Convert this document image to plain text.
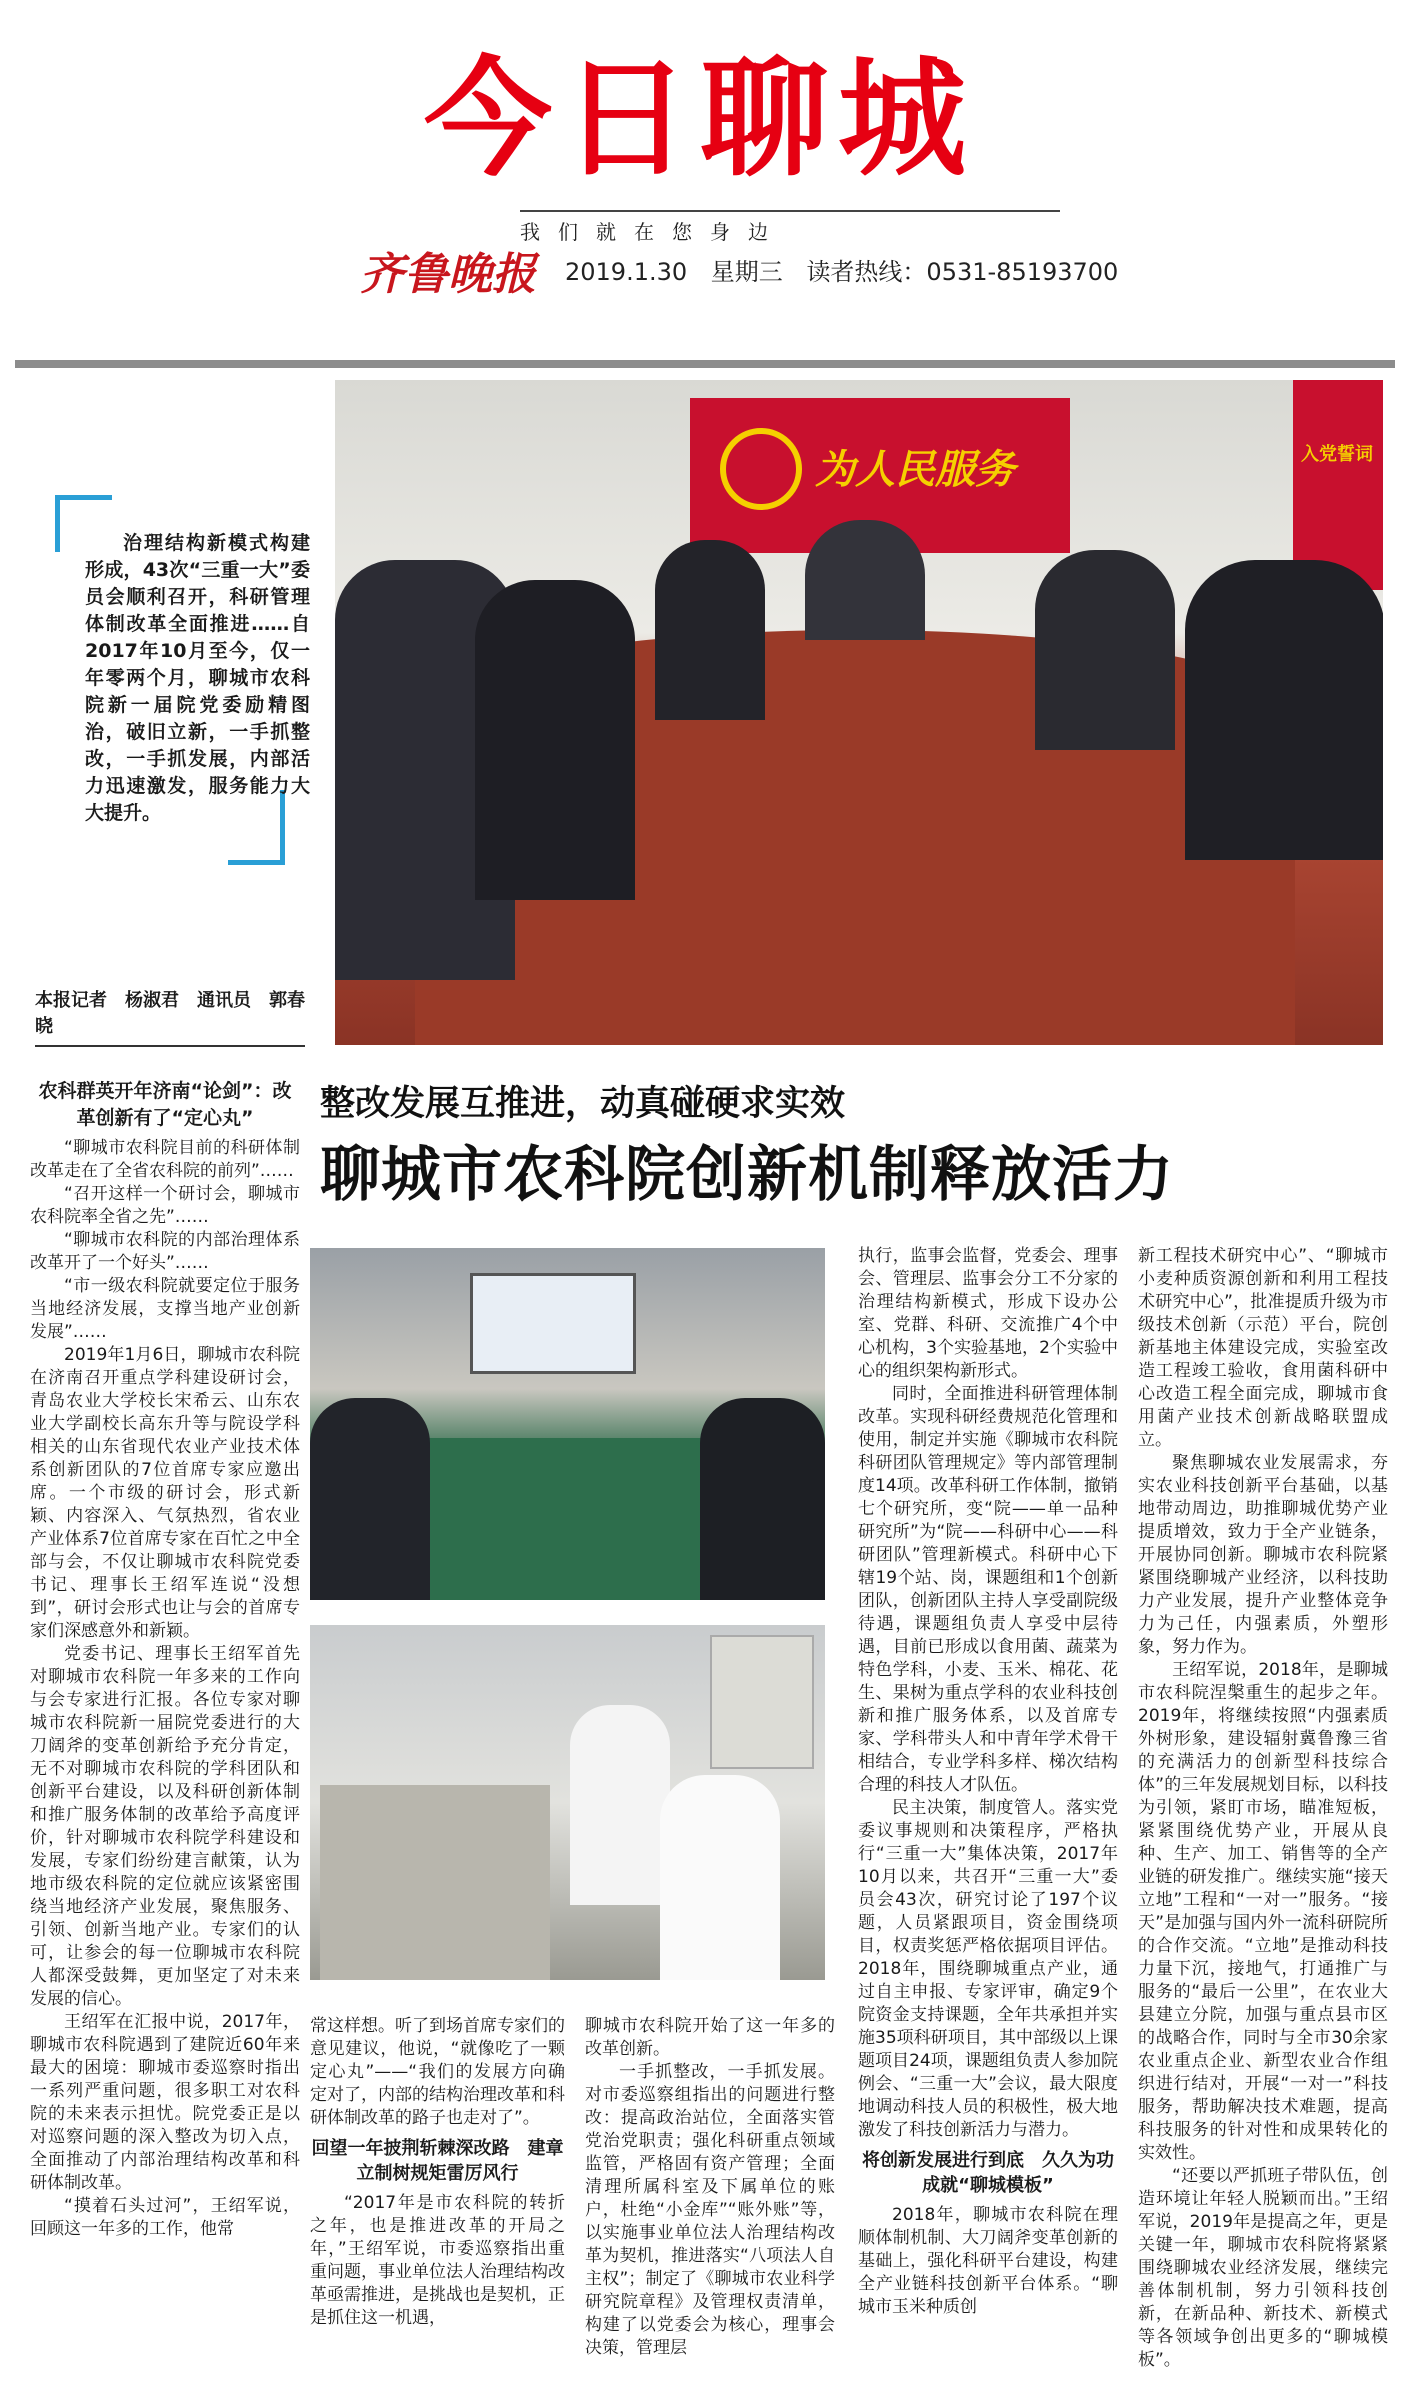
今日聊城
我们就在您身边
齐鲁晚报	2019.1.30 星期三 读者热线：0531-85193700
为人民服务	入党誓词
治理结构新模式构建形成，43次“三重一大”委员会顺利召开，科研管理体制改革全面推进……自2017年10月至今，仅一年零两个月，聊城市农科院新一届院党委励精图治，破旧立新，一手抓整改，一手抓发展，内部活力迅速激发，服务能力大大提升。
本报记者　杨淑君　通讯员　郭春晓
整改发展互推进，动真碰硬求实效
聊城市农科院创新机制释放活力
农科群英开年济南“论剑”：改革创新有了“定心丸”

“聊城市农科院目前的科研体制改革走在了全省农科院的前列”……

“召开这样一个研讨会，聊城市农科院率全省之先”……

“聊城市农科院的内部治理体系改革开了一个好头”……

“市一级农科院就要定位于服务当地经济发展，支撑当地产业创新发展”……

2019年1月6日，聊城市农科院在济南召开重点学科建设研讨会，青岛农业大学校长宋希云、山东农业大学副校长高东升等与院设学科相关的山东省现代农业产业技术体系创新团队的7位首席专家应邀出席。一个市级的研讨会，形式新颖、内容深入、气氛热烈，省农业产业体系7位首席专家在百忙之中全部与会，不仅让聊城市农科院党委书记、理事长王绍军连说“没想到”，研讨会形式也让与会的首席专家们深感意外和新颖。

党委书记、理事长王绍军首先对聊城市农科院一年多来的工作向与会专家进行汇报。各位专家对聊城市农科院新一届院党委进行的大刀阔斧的变革创新给予充分肯定，无不对聊城市农科院的学科团队和创新平台建设，以及科研创新体制和推广服务体制的改革给予高度评价，针对聊城市农科院学科建设和发展，专家们纷纷建言献策，认为地市级农科院的定位就应该紧密围绕当地经济产业发展，聚焦服务、引领、创新当地产业。专家们的认可，让参会的每一位聊城市农科院人都深受鼓舞，更加坚定了对未来发展的信心。

王绍军在汇报中说，2017年，聊城市农科院遇到了建院近60年来最大的困境：聊城市委巡察时指出一系列严重问题，很多职工对农科院的未来表示担忧。院党委正是以对巡察问题的深入整改为切入点，全面推动了内部治理结构改革和科研体制改革。

“摸着石头过河”，王绍军说，回顾这一年多的工作，他常

常这样想。听了到场首席专家们的意见建议，他说，“就像吃了一颗定心丸”——“我们的发展方向确定对了，内部的结构治理改革和科研体制改革的路子也走对了”。

回望一年披荆斩棘深改路　建章立制树规矩雷厉风行

“2017年是市农科院的转折之年，也是推进改革的开局之年，”王绍军说，市委巡察指出重重问题，事业单位法人治理结构改革亟需推进，是挑战也是契机，正是抓住这一机遇，

聊城市农科院开始了这一年多的改革创新。

一手抓整改，一手抓发展。对市委巡察组指出的问题进行整改：提高政治站位，全面落实管党治党职责；强化科研重点领域监管，严格固有资产管理；全面清理所属科室及下属单位的账户，杜绝“小金库”“账外账”等，以实施事业单位法人治理结构改革为契机，推进落实“八项法人自主权”；制定了《聊城市农业科学研究院章程》及管理权责清单，构建了以党委会为核心，理事会决策，管理层

执行，监事会监督，党委会、理事会、管理层、监事会分工不分家的治理结构新模式，形成下设办公室、党群、科研、交流推广4个中心机构，3个实验基地，2个实验中心的组织架构新形式。

同时，全面推进科研管理体制改革。实现科研经费规范化管理和使用，制定并实施《聊城市农科院科研团队管理规定》等内部管理制度14项。改革科研工作体制，撤销七个研究所，变“院——单一品种研究所”为“院——科研中心——科研团队”管理新模式。科研中心下辖19个站、岗，课题组和1个创新团队，创新团队主持人享受副院级待遇，课题组负责人享受中层待遇，目前已形成以食用菌、蔬菜为特色学科，小麦、玉米、棉花、花生、果树为重点学科的农业科技创新和推广服务体系，以及首席专家、学科带头人和中青年学术骨干相结合，专业学科多样、梯次结构合理的科技人才队伍。

民主决策，制度管人。落实党委议事规则和决策程序，严格执行“三重一大”集体决策，2017年10月以来，共召开“三重一大”委员会43次，研究讨论了197个议题，人员紧跟项目，资金围绕项目，权责奖惩严格依据项目评估。2018年，围绕聊城重点产业，通过自主申报、专家评审，确定9个院资金支持课题，全年共承担并实施35项科研项目，其中部级以上课题项目24项，课题组负责人参加院例会、“三重一大”会议，最大限度地调动科技人员的积极性，极大地激发了科技创新活力与潜力。

将创新发展进行到底　久久为功成就“聊城模板”

2018年，聊城市农科院在理顺体制机制、大刀阔斧变革创新的基础上，强化科研平台建设，构建全产业链科技创新平台体系。“聊城市玉米种质创

新工程技术研究中心”、“聊城市小麦种质资源创新和利用工程技术研究中心”，批准提质升级为市级技术创新（示范）平台，院创新基地主体建设完成，实验室改造工程竣工验收，食用菌科研中心改造工程全面完成，聊城市食用菌产业技术创新战略联盟成立。

聚焦聊城农业发展需求，夯实农业科技创新平台基础，以基地带动周边，助推聊城优势产业提质增效，致力于全产业链条，开展协同创新。聊城市农科院紧紧围绕聊城产业经济，以科技助力产业发展，提升产业整体竞争力为己任，内强素质，外塑形象，努力作为。

王绍军说，2018年，是聊城市农科院涅槃重生的起步之年。2019年，将继续按照“内强素质外树形象，建设辐射冀鲁豫三省的充满活力的创新型科技综合体”的三年发展规划目标，以科技为引领，紧盯市场，瞄准短板，紧紧围绕优势产业，开展从良种、生产、加工、销售等的全产业链的研发推广。继续实施“接天立地”工程和“一对一”服务。“接天”是加强与国内外一流科研院所的合作交流。“立地”是推动科技力量下沉，接地气，打通推广与服务的“最后一公里”，在农业大县建立分院，加强与重点县市区的战略合作，同时与全市30余家农业重点企业、新型农业合作组织进行结对，开展“一对一”科技服务，帮助解决技术难题，提高科技服务的针对性和成果转化的实效性。

“还要以严抓班子带队伍，创造环境让年轻人脱颖而出。”王绍军说，2019年是提高之年，更是关键一年，聊城市农科院将紧紧围绕聊城农业经济发展，继续完善体制机制，努力引领科技创新，在新品种、新技术、新模式等各领域争创出更多的“聊城模板”。
